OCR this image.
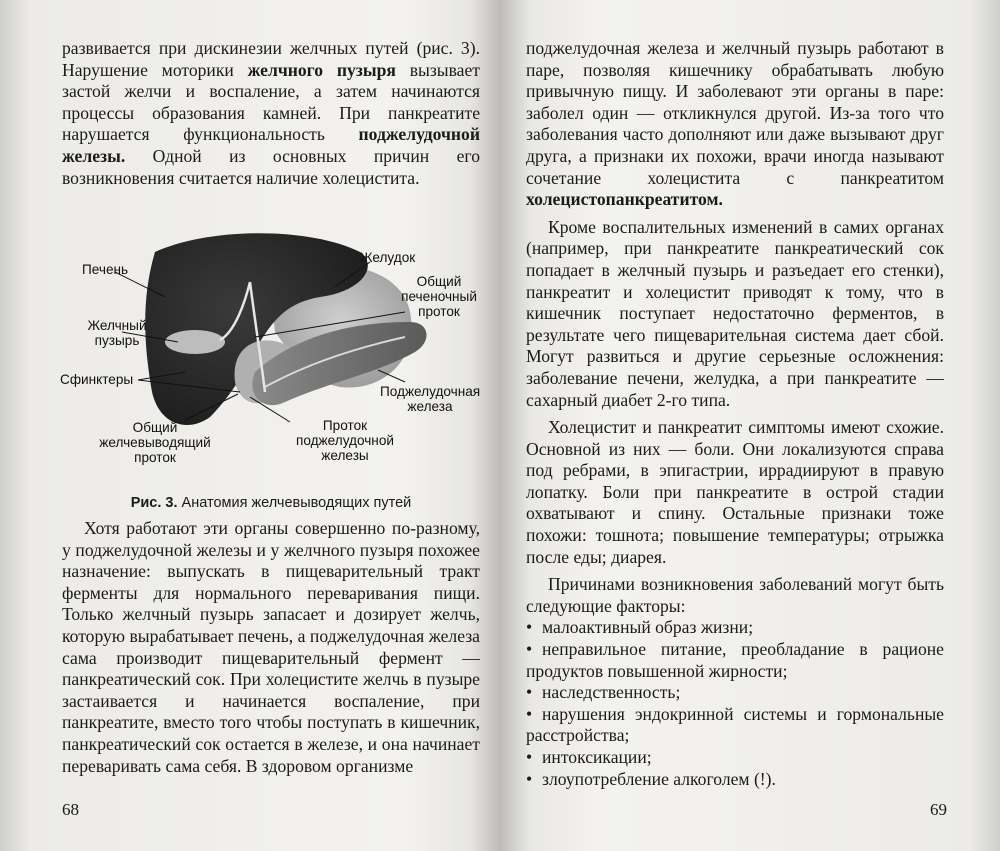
развивается при дискинезии желчных путей (рис. 3). Нарушение моторики желчного пузыря вызывает застой желчи и воспаление, а затем начинаются процессы образования камней. При панкреатите нарушается функциональность поджелудочной железы. Одной из основных причин его возникновения считается наличие холецистита.

Печень
Желчный пузырь
Сфинктеры
Общий желчевыводящий проток
Желудок
Общий печеночный проток
Поджелудочная железа
Проток поджелудочной железы
Рис. 3. Анатомия желчевыводящих путей

Хотя работают эти органы совершенно по-разному, у поджелудочной железы и у желчного пузыря похожее назначение: выпускать в пищеварительный тракт ферменты для нормального переваривания пищи. Только желчный пузырь запасает и дозирует желчь, которую вырабатывает печень, а поджелудочная железа сама производит пищеварительный фермент — панкреатический сок. При холецистите желчь в пузыре застаивается и начинается воспаление, при панкреатите, вместо того чтобы поступать в кишечник, панкреатический сок остается в железе, и она начинает переваривать сама себя. В здоровом организме

68

поджелудочная железа и желчный пузырь работают в паре, позволяя кишечнику обрабатывать любую привычную пищу. И заболевают эти органы в паре: заболел один — откликнулся другой. Из-за того что заболевания часто дополняют или даже вызывают друг друга, а признаки их похожи, врачи иногда называют сочетание холецистита с панкреатитом холецистопанкреатитом.

Кроме воспалительных изменений в самих органах (например, при панкреатите панкреатический сок попадает в желчный пузырь и разъедает его стенки), панкреатит и холецистит приводят к тому, что в кишечник поступает недостаточно ферментов, в результате чего пищеварительная система дает сбой. Могут развиться и другие серьезные осложнения: заболевание печени, желудка, а при панкреатите — сахарный диабет 2-го типа.

Холецистит и панкреатит симптомы имеют схожие. Основной из них — боли. Они локализуются справа под ребрами, в эпигастрии, иррадиируют в правую лопатку. Боли при панкреатите в острой стадии охватывают и спину. Остальные признаки тоже похожи: тошнота; повышение температуры; отрыжка после еды; диарея.

Причинами возникновения заболеваний могут быть следующие факторы:

• малоактивный образ жизни;
• неправильное питание, преобладание в рационе продуктов повышенной жирности;
• наследственность;
• нарушения эндокринной системы и гормональные расстройства;
• интоксикации;
• злоупотребление алкоголем (!).
69
